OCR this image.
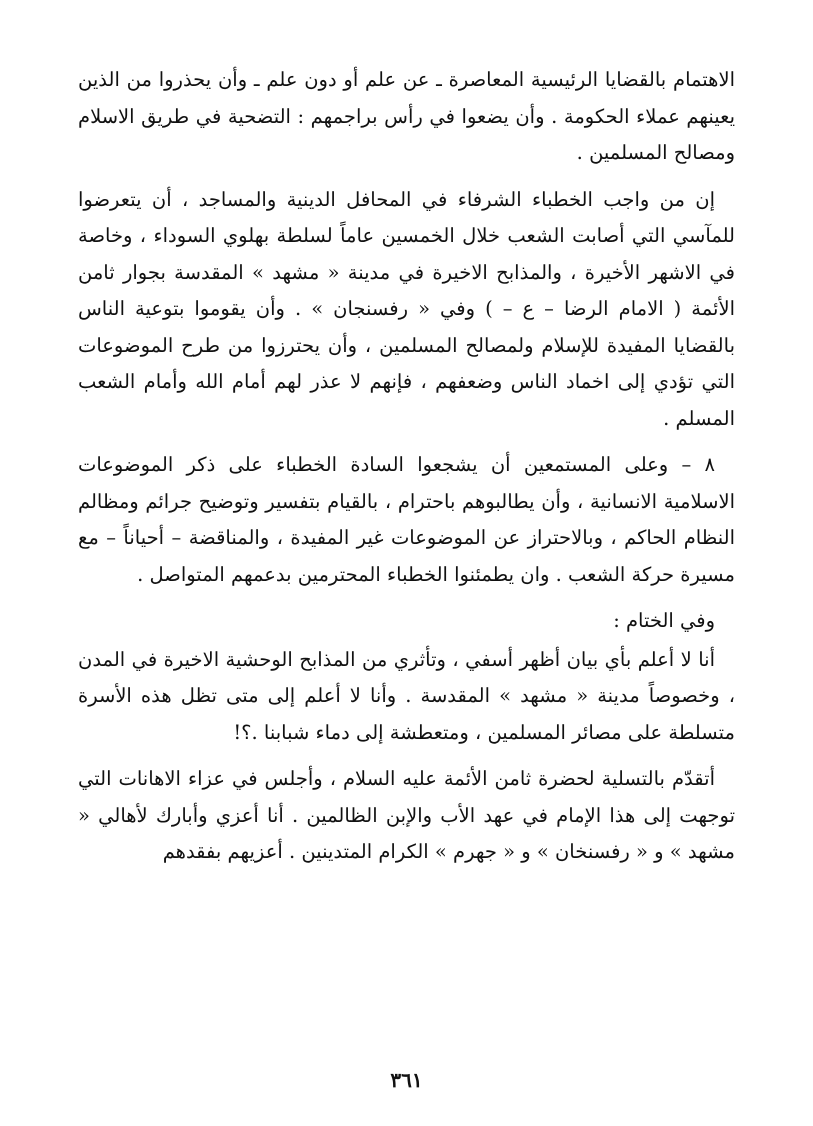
الاهتمام بالقضايا الرئيسية المعاصرة ـ عن علم أو دون علم ـ وأن يحذروا من الذين يعينهم عملاء الحكومة . وأن يضعوا في رأس براجمهم : التضحية في طريق الاسلام ومصالح المسلمين .

إن من واجب الخطباء الشرفاء في المحافل الدينية والمساجد ، أن يتعرضوا للمآسي التي أصابت الشعب خلال الخمسين عاماً لسلطة بهلوي السوداء ، وخاصة في الاشهر الأخيرة ، والمذابح الاخيرة في مدينة « مشهد » المقدسة بجوار ثامن الأئمة ( الامام الرضا – ع – ) وفي « رفسنجان » . وأن يقوموا بتوعية الناس بالقضايا المفيدة للإسلام ولمصالح المسلمين ، وأن يحترزوا من طرح الموضوعات التي تؤدي إلى اخماد الناس وضعفهم ، فإنهم لا عذر لهم أمام الله وأمام الشعب المسلم .

٨ – وعلى المستمعين أن يشجعوا السادة الخطباء على ذكر الموضوعات الاسلامية الانسانية ، وأن يطالبوهم باحترام ، بالقيام بتفسير وتوضيح جرائم ومظالم النظام الحاكم ، وبالاحتراز عن الموضوعات غير المفيدة ، والمناقضة – أحياناً – مع مسيرة حركة الشعب . وان يطمئنوا الخطباء المحترمين بدعمهم المتواصل .

وفي الختام :

أنا لا أعلم بأي بيان أظهر أسفي ، وتأثري من المذابح الوحشية الاخيرة في المدن ، وخصوصاً مدينة « مشهد » المقدسة . وأنا لا أعلم إلى متى تظل هذه الأسرة متسلطة على مصائر المسلمين ، ومتعطشة إلى دماء شبابنا .؟!

أتقدّم بالتسلية لحضرة ثامن الأئمة عليه السلام ، وأجلس في عزاء الاهانات التي توجهت إلى هذا الإمام في عهد الأب والإبن الظالمين . أنا أعزي وأبارك لأهالي « مشهد » و « رفسنخان » و « جهرم » الكرام المتدينين . أعزيهم بفقدهم

٣٦١
